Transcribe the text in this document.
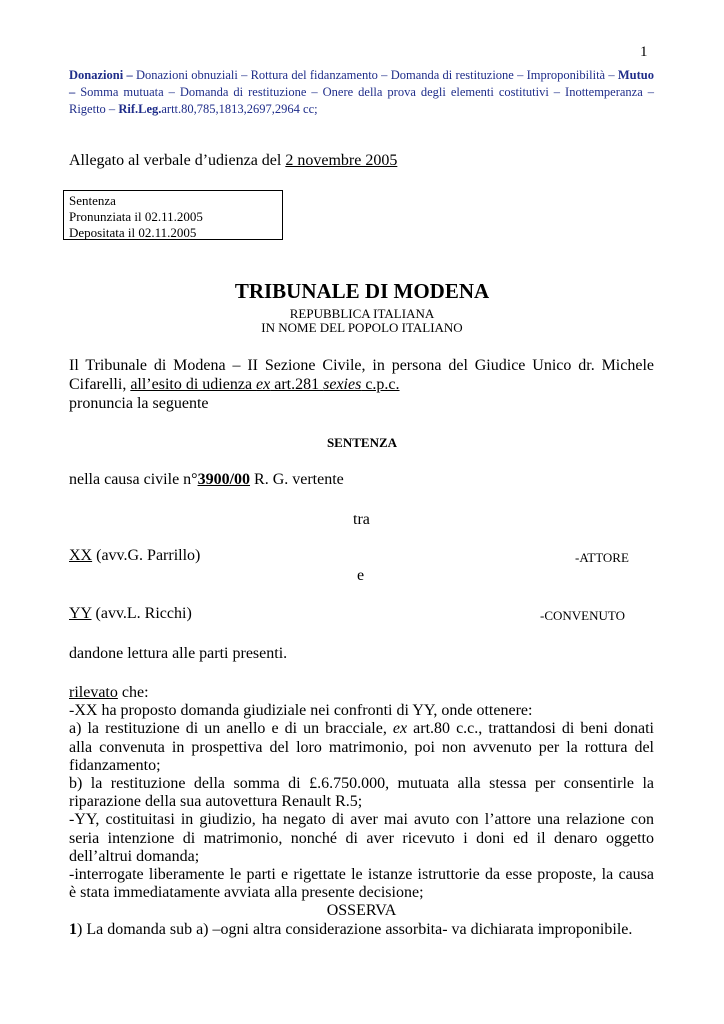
1
Donazioni – Donazioni obnuziali – Rottura del fidanzamento – Domanda di restituzione – Improponibilità – Mutuo – Somma mutuata – Domanda di restituzione – Onere della prova degli elementi costitutivi – Inottemperanza – Rigetto – Rif.Leg.artt.80,785,1813,2697,2964 cc;
Allegato al verbale d’udienza del 2 novembre 2005
Sentenza
Pronunziata il 02.11.2005
Depositata il 02.11.2005
TRIBUNALE DI MODENA
REPUBBLICA ITALIANA
IN NOME DEL POPOLO ITALIANO
Il Tribunale di Modena – II Sezione Civile, in persona del Giudice Unico dr. Michele Cifarelli, all’esito di udienza ex art.281 sexies c.p.c.
pronuncia la seguente
SENTENZA
nella causa civile n°3900/00 R. G. vertente
tra
XX (avv.G. Parrillo)	-ATTORE
e
YY (avv.L. Ricchi)	-CONVENUTO
dandone lettura alle parti presenti.
rilevato che:
-XX ha proposto domanda giudiziale nei confronti di YY, onde ottenere:
a) la restituzione di un anello e di un bracciale, ex art.80 c.c., trattandosi di beni donati
alla convenuta in prospettiva del loro matrimonio, poi non avvenuto per la rottura del
fidanzamento;
b) la restituzione della somma di £.6.750.000, mutuata alla stessa per consentirle la
riparazione della sua autovettura Renault R.5;
-YY, costituitasi in giudizio, ha negato di aver mai avuto con l’attore una relazione con
seria intenzione di matrimonio, nonché di aver ricevuto i doni ed il denaro oggetto
dell’altrui domanda;
-interrogate liberamente le parti e rigettate le istanze istruttorie da esse proposte, la causa
è stata immediatamente avviata alla presente decisione;
OSSERVA
1) La domanda sub a) –ogni altra considerazione assorbita- va dichiarata improponibile.
